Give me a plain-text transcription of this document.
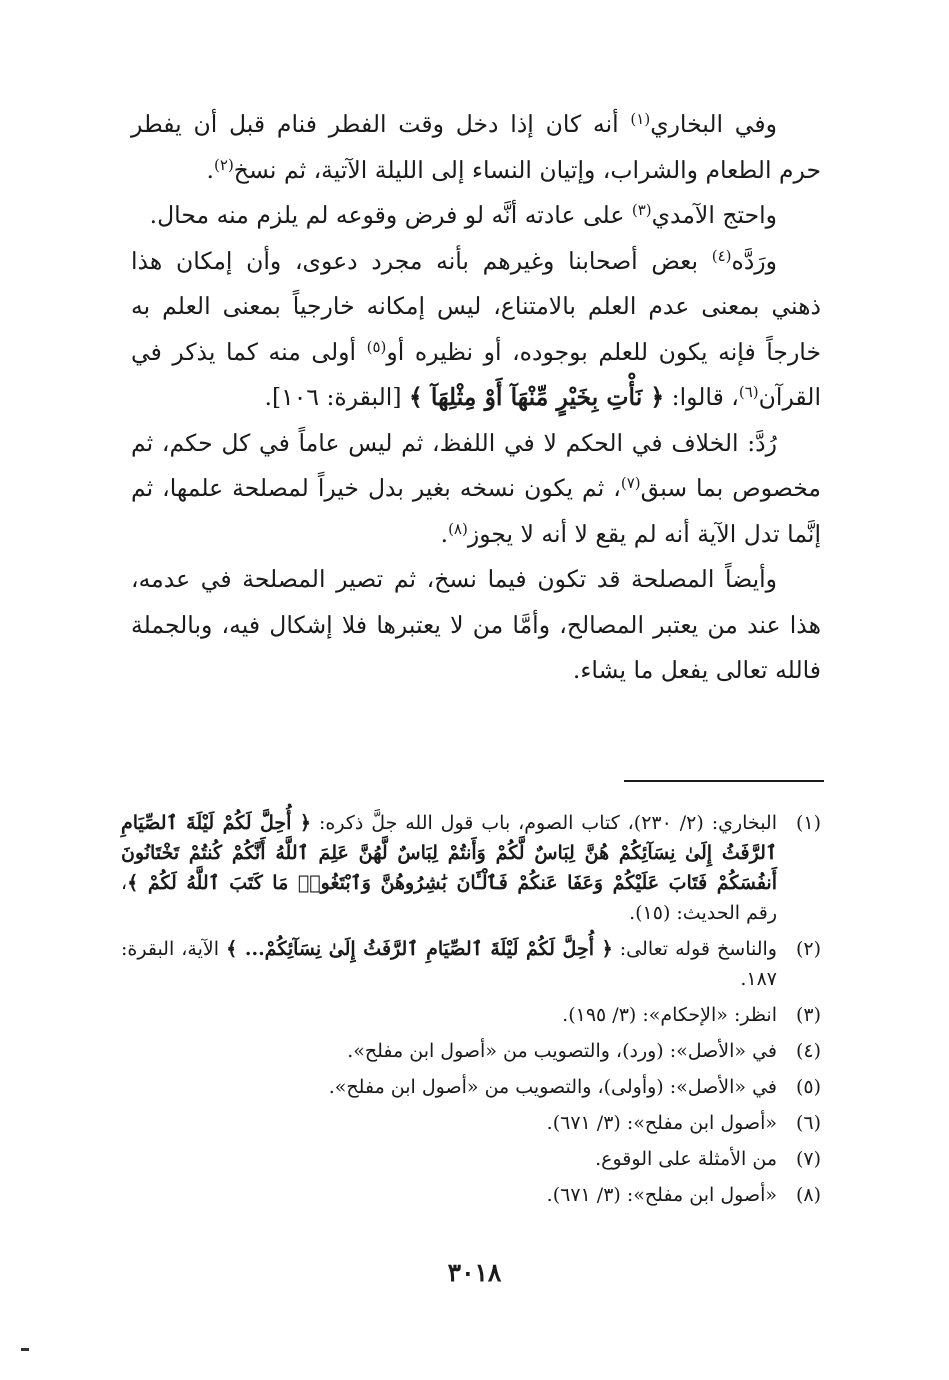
وفي البخاري$^{(١)}$ أنه كان إذا دخل وقت الفطر فنام قبل أن يفطر حرم الطعام والشراب، وإتيان النساء إلى الليلة الآتية، ثم نسخ$^{(٢)}$.

واحتج الآمدي$^{(٣)}$ على عادته أنَّه لو فرض وقوعه لم يلزم منه محال.

ورَدَّه$^{(٤)}$ بعض أصحابنا وغيرهم بأنه مجرد دعوى، وأن إمكان هذا ذهني بمعنى عدم العلم بالامتناع، ليس إمكانه خارجياً بمعنى العلم به خارجاً فإنه يكون للعلم بوجوده، أو نظيره أو$^{(٥)}$ أولى منه كما يذكر في القرآن$^{(٦)}$، قالوا: ﴿ نَأْتِ بِخَيْرٍ مِّنْهَآ أَوْ مِثْلِهَآ ﴾ [البقرة: ١٠٦].

رُدَّ: الخلاف في الحكم لا في اللفظ، ثم ليس عاماً في كل حكم، ثم مخصوص بما سبق$^{(٧)}$، ثم يكون نسخه بغير بدل خيراً لمصلحة علمها، ثم إنَّما تدل الآية أنه لم يقع لا أنه لا يجوز$^{(٨)}$.

وأيضاً المصلحة قد تكون فيما نسخ، ثم تصير المصلحة في عدمه، هذا عند من يعتبر المصالح، وأمَّا من لا يعتبرها فلا إشكال فيه، وبالجملة فالله تعالى يفعل ما يشاء.

(١)
البخاري: (٢/ ٢٣٠)، كتاب الصوم، باب قول الله جلَّ ذكره: ﴿ أُحِلَّ لَكُمْ لَيْلَةَ ٱلصِّيَامِ ٱلرَّفَثُ إِلَىٰ نِسَآئِكُمْ هُنَّ لِبَاسٌ لَّكُمْ وَأَنتُمْ لِبَاسٌ لَّهُنَّ عَلِمَ ٱللَّهُ أَنَّكُمْ كُنتُمْ تَخْتَانُونَ أَنفُسَكُمْ فَتَابَ عَلَيْكُمْ وَعَفَا عَنكُمْ فَٱلْـَٔانَ بَٰشِرُوهُنَّ وَٱبْتَغُوا۟ مَا كَتَبَ ٱللَّهُ لَكُمْ ﴾، رقم الحديث: (١٥).
(٢)
والناسخ قوله تعالى: ﴿ أُحِلَّ لَكُمْ لَيْلَةَ ٱلصِّيَامِ ٱلرَّفَثُ إِلَىٰ نِسَآئِكُمْ... ﴾ الآية، البقرة: ١٨٧.
(٣)
انظر: «الإحكام»: (٣/ ١٩٥).
(٤)
في «الأصل»: (ورد)، والتصويب من «أصول ابن مفلح».
(٥)
في «الأصل»: (وأولى)، والتصويب من «أصول ابن مفلح».
(٦)
«أصول ابن مفلح»: (٣/ ٦٧١).
(٧)
من الأمثلة على الوقوع.
(٨)
«أصول ابن مفلح»: (٣/ ٦٧١).
٣٠١٨
